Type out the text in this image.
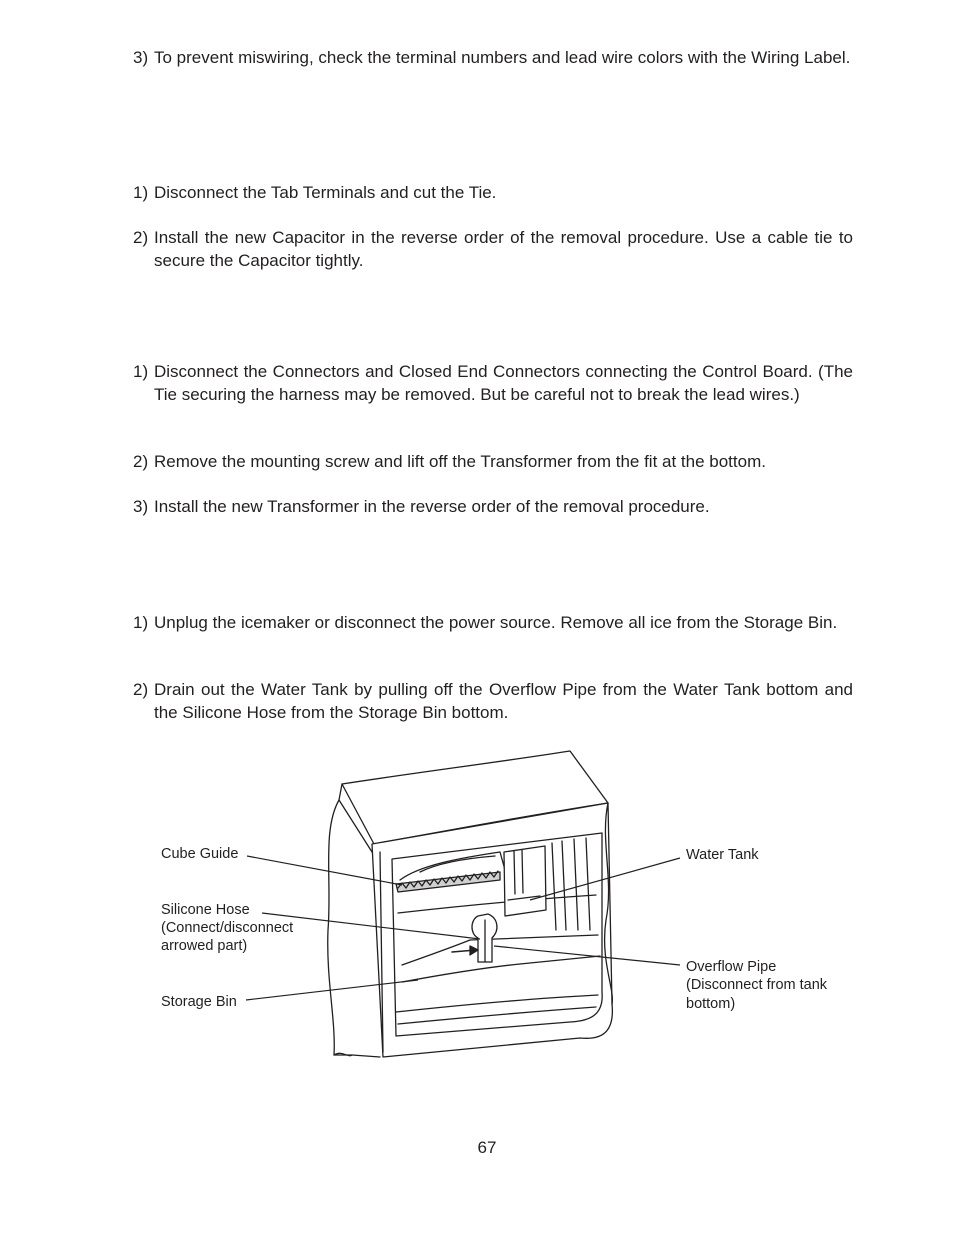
3) To prevent miswiring, check the terminal numbers and lead wire colors with the Wiring Label.
1) Disconnect the Tab Terminals and cut the Tie.
2) Install the new Capacitor in the reverse order of the removal procedure. Use a cable tie to secure the Capacitor tightly.
1) Disconnect the Connectors and Closed End Connectors connecting the Control Board. (The Tie securing the harness may be removed. But be careful not to break the lead wires.)
2) Remove the mounting screw and lift off the Transformer from the fit at the bottom.
3) Install the new Transformer in the reverse order of the removal procedure.
1) Unplug the icemaker or disconnect the power source. Remove all ice from the Storage Bin.
2) Drain out the Water Tank by pulling off the Overflow Pipe from the Water Tank bottom and the Silicone Hose from the Storage Bin bottom.
Cube Guide
Silicone Hose
(Connect/disconnect
arrowed part)
Storage Bin
Water Tank
Overflow Pipe
(Disconnect from tank
bottom)
67
